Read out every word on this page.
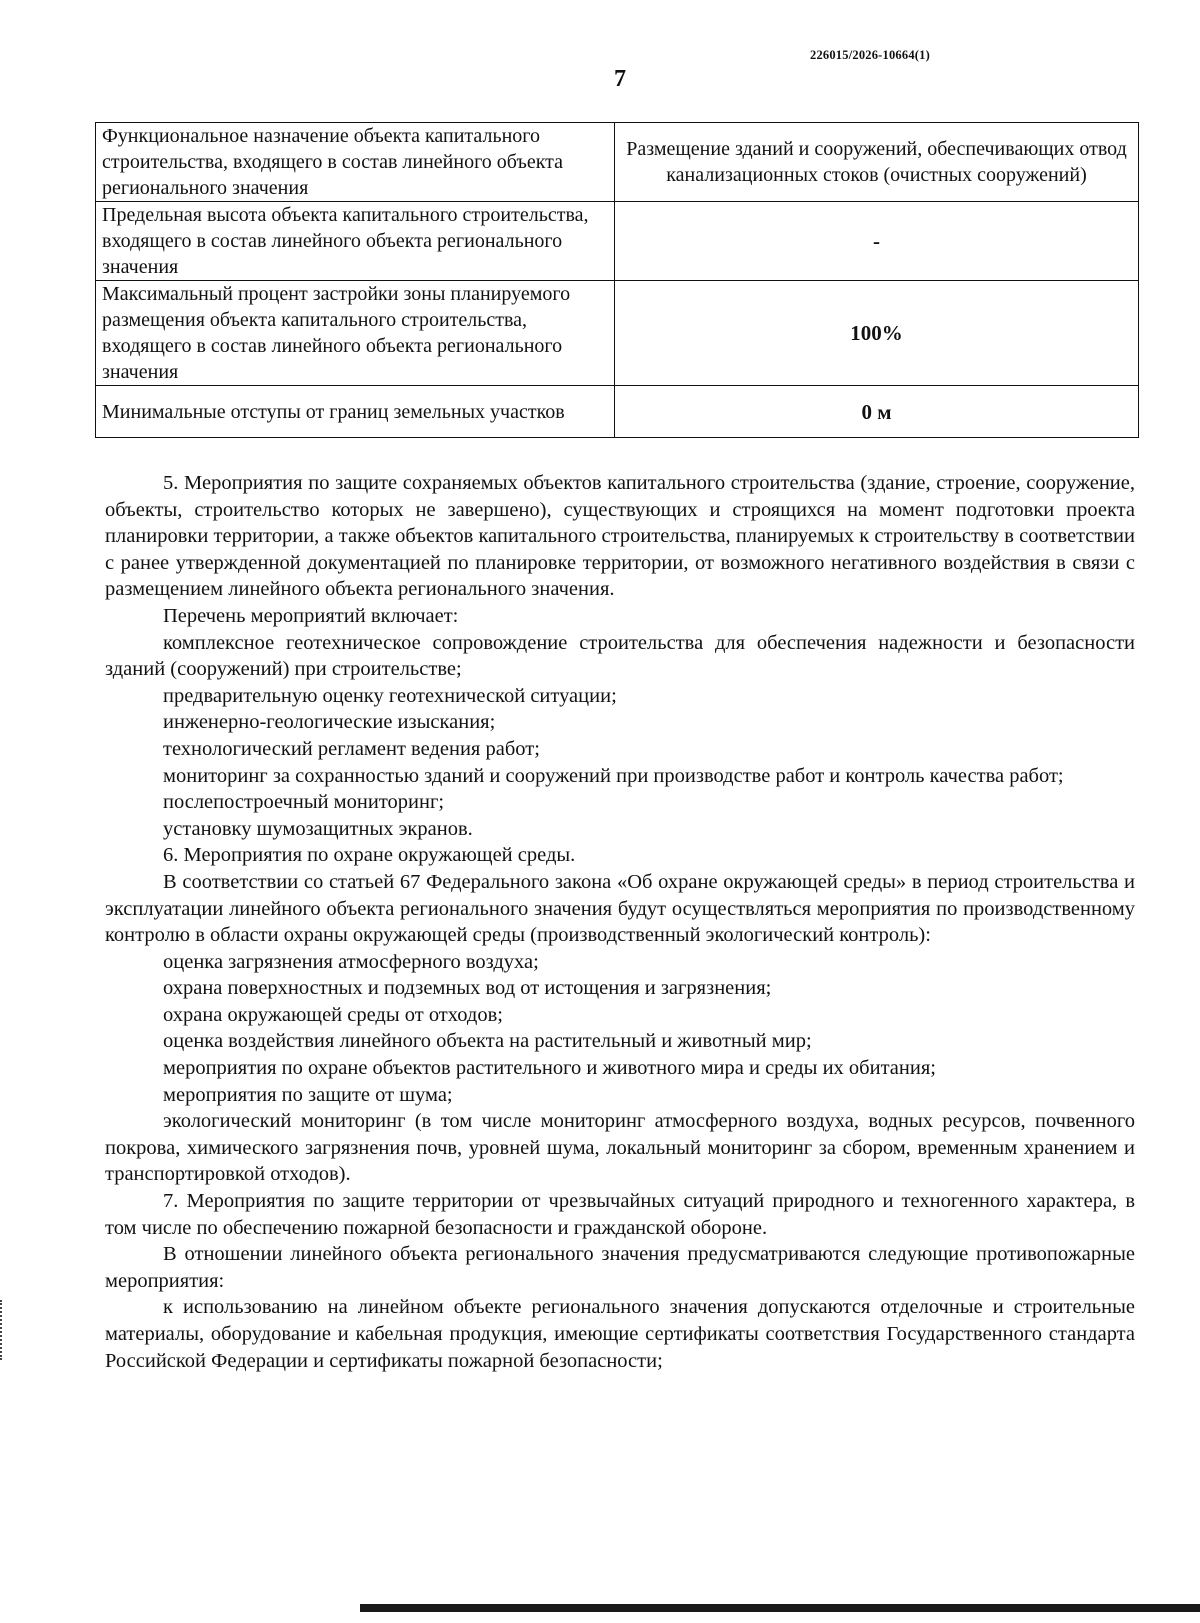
226015/2026-10664(1)
7
Функциональное назначение объекта капитального строительства, входящего в состав линейного объекта регионального значения	Размещение зданий и сооружений, обеспечивающих отвод канализационных стоков (очистных сооружений)
Предельная высота объекта капитального строительства, входящего в состав линейного объекта регионального значения	-
Максимальный процент застройки зоны планируемого размещения объекта капитального строительства, входящего в состав линейного объекта регионального значения	100%
Минимальные отступы от границ земельных участков	0 м

5. Мероприятия по защите сохраняемых объектов капитального строительства (здание, строение, сооружение, объекты, строительство которых не завершено), существующих и строящихся на момент подготовки проекта планировки территории, а также объектов капитального строительства, планируемых к строительству в соответствии с ранее утвержденной документацией по планировке территории, от возможного негативного воздействия в связи с размещением линейного объекта регионального значения.

Перечень мероприятий включает:

комплексное геотехническое сопровождение строительства для обеспечения надежности и безопасности зданий (сооружений) при строительстве;

предварительную оценку геотехнической ситуации;

инженерно-геологические изыскания;

технологический регламент ведения работ;

мониторинг за сохранностью зданий и сооружений при производстве работ и контроль качества работ;

послепостроечный мониторинг;

установку шумозащитных экранов.

6. Мероприятия по охране окружающей среды.

В соответствии со статьей 67 Федерального закона «Об охране окружающей среды» в период строительства и эксплуатации линейного объекта регионального значения будут осуществляться мероприятия по производственному контролю в области охраны окружающей среды (производственный экологический контроль):

оценка загрязнения атмосферного воздуха;

охрана поверхностных и подземных вод от истощения и загрязнения;

охрана окружающей среды от отходов;

оценка воздействия линейного объекта на растительный и животный мир;

мероприятия по охране объектов растительного и животного мира и среды их обитания;

мероприятия по защите от шума;

экологический мониторинг (в том числе мониторинг атмосферного воздуха, водных ресурсов, почвенного покрова, химического загрязнения почв, уровней шума, локальный мониторинг за сбором, временным хранением и транспортировкой отходов).

7. Мероприятия по защите территории от чрезвычайных ситуаций природного и техногенного характера, в том числе по обеспечению пожарной безопасности и гражданской обороне.

В отношении линейного объекта регионального значения предусматриваются следующие противопожарные мероприятия:

к использованию на линейном объекте регионального значения допускаются отделочные и строительные материалы, оборудование и кабельная продукция, имеющие сертификаты соответствия Государственного стандарта Российской Федерации и сертификаты пожарной безопасности;
